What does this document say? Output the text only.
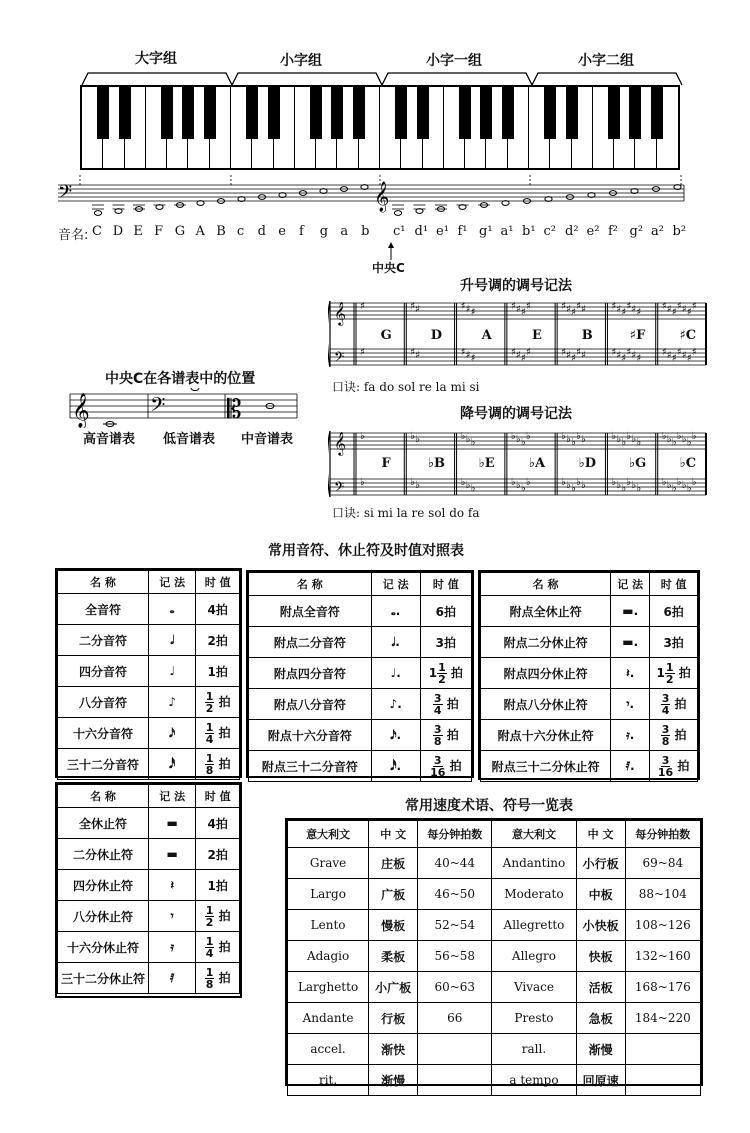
大字组	小字组	小字一组	小字二组
𝄢	𝄞
音名: C D E F G A B c d e f g a b c¹ d¹ e¹ f¹ g¹ a¹ b¹ c² d² e² f² g² a² b²
中央C
中央C在各谱表中的位置
𝄞	𝄢 𝄡
高音谱表 低音谱表 中音谱表
升号调的调号记法
𝄞
𝄢
♯
♯
♯
♯
♯
♯
♯
♯
♯
♯
♯
♯
♯
♯
♯
♯
♯
♯
♯
♯
♯
♯
♯
♯
♯
♯
♯
♯
♯
♯
♯
♯
♯
♯
♯
♯
♯
♯
♯
♯
♯
♯
♯
♯
♯
♯
♯
♯
♯
♯
♯
♯
♯
♯
♯
♯
G	D	A	E	B	♯F	♯C
口诀: fa do sol re la mi si
降号调的调号记法
𝄞
𝄢
♭
♭
♭
♭
♭
♭
♭
♭
♭
♭
♭
♭
♭
♭
♭
♭
♭
♭
♭
♭
♭
♭
♭
♭
♭
♭
♭
♭
♭
♭
♭
♭
♭
♭
♭
♭
♭
♭
♭
♭
♭
♭
♭
♭
♭
♭
♭
♭
♭
♭
♭
♭
♭
♭
♭
♭
F	♭B	♭E	♭A	♭D	♭G	♭C
口诀: si mi la re sol do fa
常用音符、休止符及时值对照表
名 称	记 法	时 值
全音符	𝅝	4拍
二分音符	𝅗𝅥	2拍
四分音符	♩	1拍
八分音符	♪	$\frac{1}{2}$ 拍
十六分音符	𝅘𝅥𝅯	$\frac{1}{4}$ 拍
三十二分音符	𝅘𝅥𝅰	$\frac{1}{8}$ 拍
名 称	记 法	时 值
附点全音符	𝅝.	6拍
附点二分音符	𝅗𝅥.	3拍
附点四分音符	♩.	$1 \frac{1}{2}$ 拍
附点八分音符	♪.	$\frac{3}{4}$ 拍
附点十六分音符	𝅘𝅥𝅯.	$\frac{3}{8}$ 拍
附点三十二分音符	𝅘𝅥𝅰.	$\frac{3}{16}$ 拍
名 称	记 法	时 值
附点全休止符	▬.	6拍
附点二分休止符	▬.	3拍
附点四分休止符	𝄽.	$1 \frac{1}{2}$ 拍
附点八分休止符	𝄾.	$\frac{3}{4}$ 拍
附点十六分休止符	𝄿.	$\frac{3}{8}$ 拍
附点三十二分休止符	𝅀.	$\frac{3}{16}$ 拍
名 称	记 法	时 值
全休止符	▬	4拍
二分休止符	▬	2拍
四分休止符	𝄽	1拍
八分休止符	𝄾	$\frac{1}{2}$ 拍
十六分休止符	𝄿	$\frac{1}{4}$ 拍
三十二分休止符	𝅀	$\frac{1}{8}$ 拍
常用速度术语、符号一览表
意大利文	中 文	每分钟拍数	意大利文	中 文	每分钟拍数
Grave	庄板	40~44	Andantino	小行板	69~84
Largo	广板	46~50	Moderato	中板	88~104
Lento	慢板	52~54	Allegretto	小快板	108~126
Adagio	柔板	56~58	Allegro	快板	132~160
Larghetto	小广板	60~63	Vivace	活板	168~176
Andante	行板	66	Presto	急板	184~220
accel.	渐快		rall.	渐慢	
rit.	渐慢		a tempo	回原速	
